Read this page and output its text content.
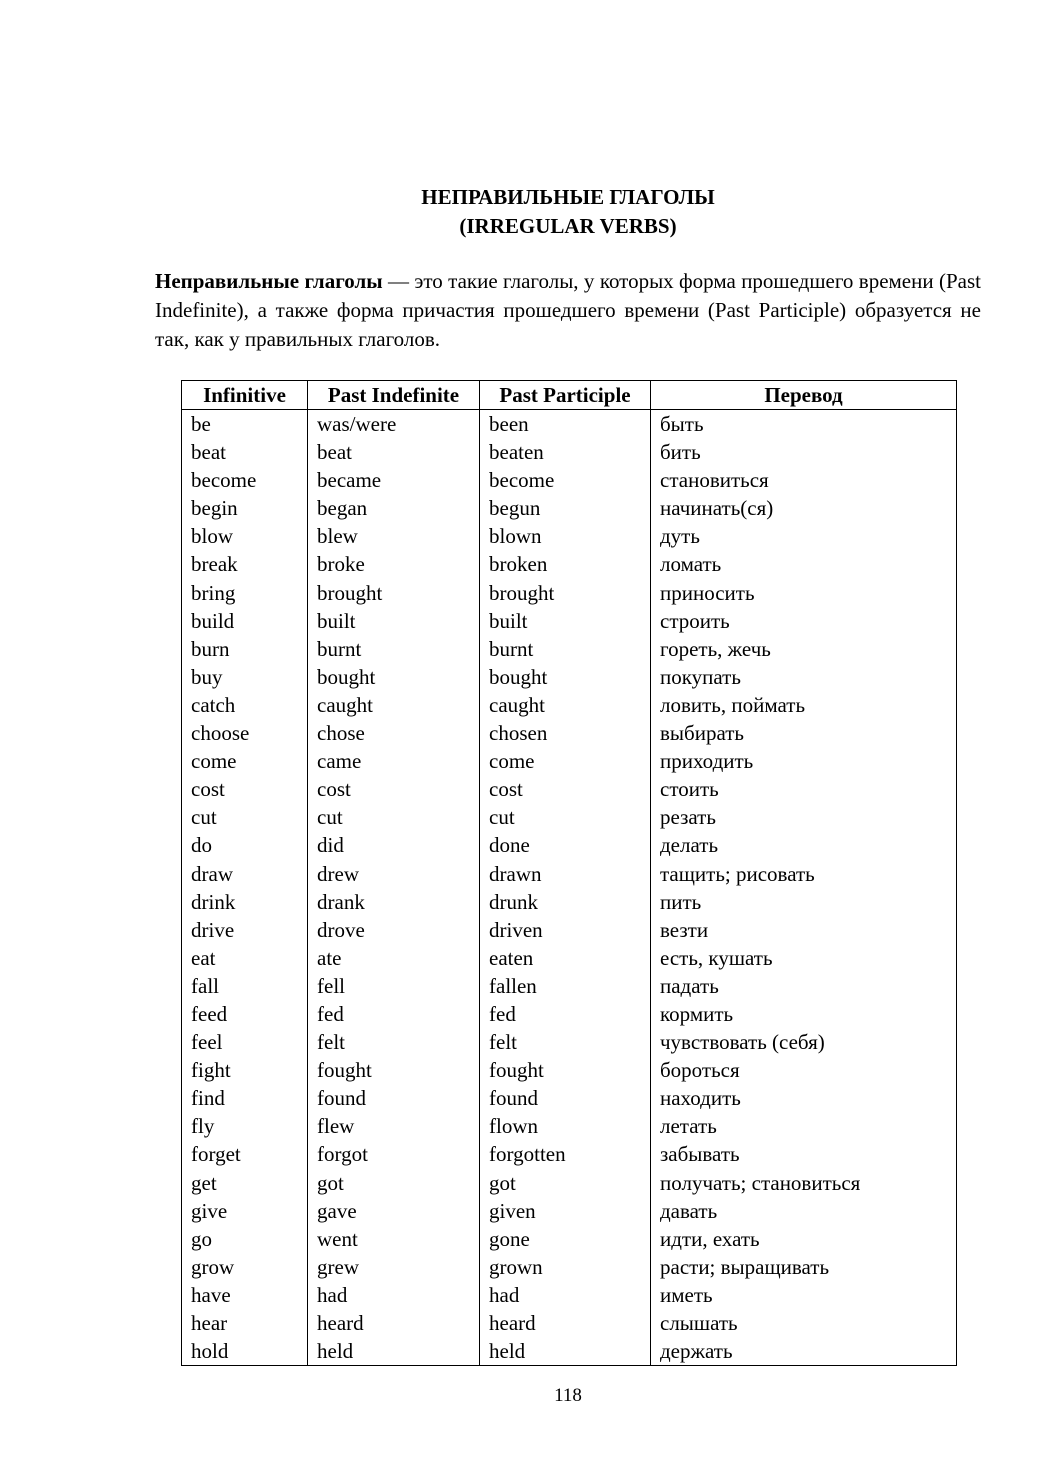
НЕПРАВИЛЬНЫЕ ГЛАГОЛЫ
(IRREGULAR VERBS)
Неправильные глаголы — это такие глаголы, у которых форма прошедшего времени (Past Indefinite), а также форма причастия прошедшего времени (Past Participle) образуется не так, как у правильных глаголов.
Infinitive	Past Indefinite	Past Participle	Перевод
be	was/were	been	быть
beat	beat	beaten	бить
become	became	become	становиться
begin	began	begun	начинать(ся)
blow	blew	blown	дуть
break	broke	broken	ломать
bring	brought	brought	приносить
build	built	built	строить
burn	burnt	burnt	гореть, жечь
buy	bought	bought	покупать
catch	caught	caught	ловить, поймать
choose	chose	chosen	выбирать
come	came	come	приходить
cost	cost	cost	стоить
cut	cut	cut	резать
do	did	done	делать
draw	drew	drawn	тащить; рисовать
drink	drank	drunk	пить
drive	drove	driven	везти
eat	ate	eaten	есть, кушать
fall	fell	fallen	падать
feed	fed	fed	кормить
feel	felt	felt	чувствовать (себя)
fight	fought	fought	бороться
find	found	found	находить
fly	flew	flown	летать
forget	forgot	forgotten	забывать
get	got	got	получать; становиться
give	gave	given	давать
go	went	gone	идти, ехать
grow	grew	grown	расти; выращивать
have	had	had	иметь
hear	heard	heard	слышать
hold	held	held	держать
118
